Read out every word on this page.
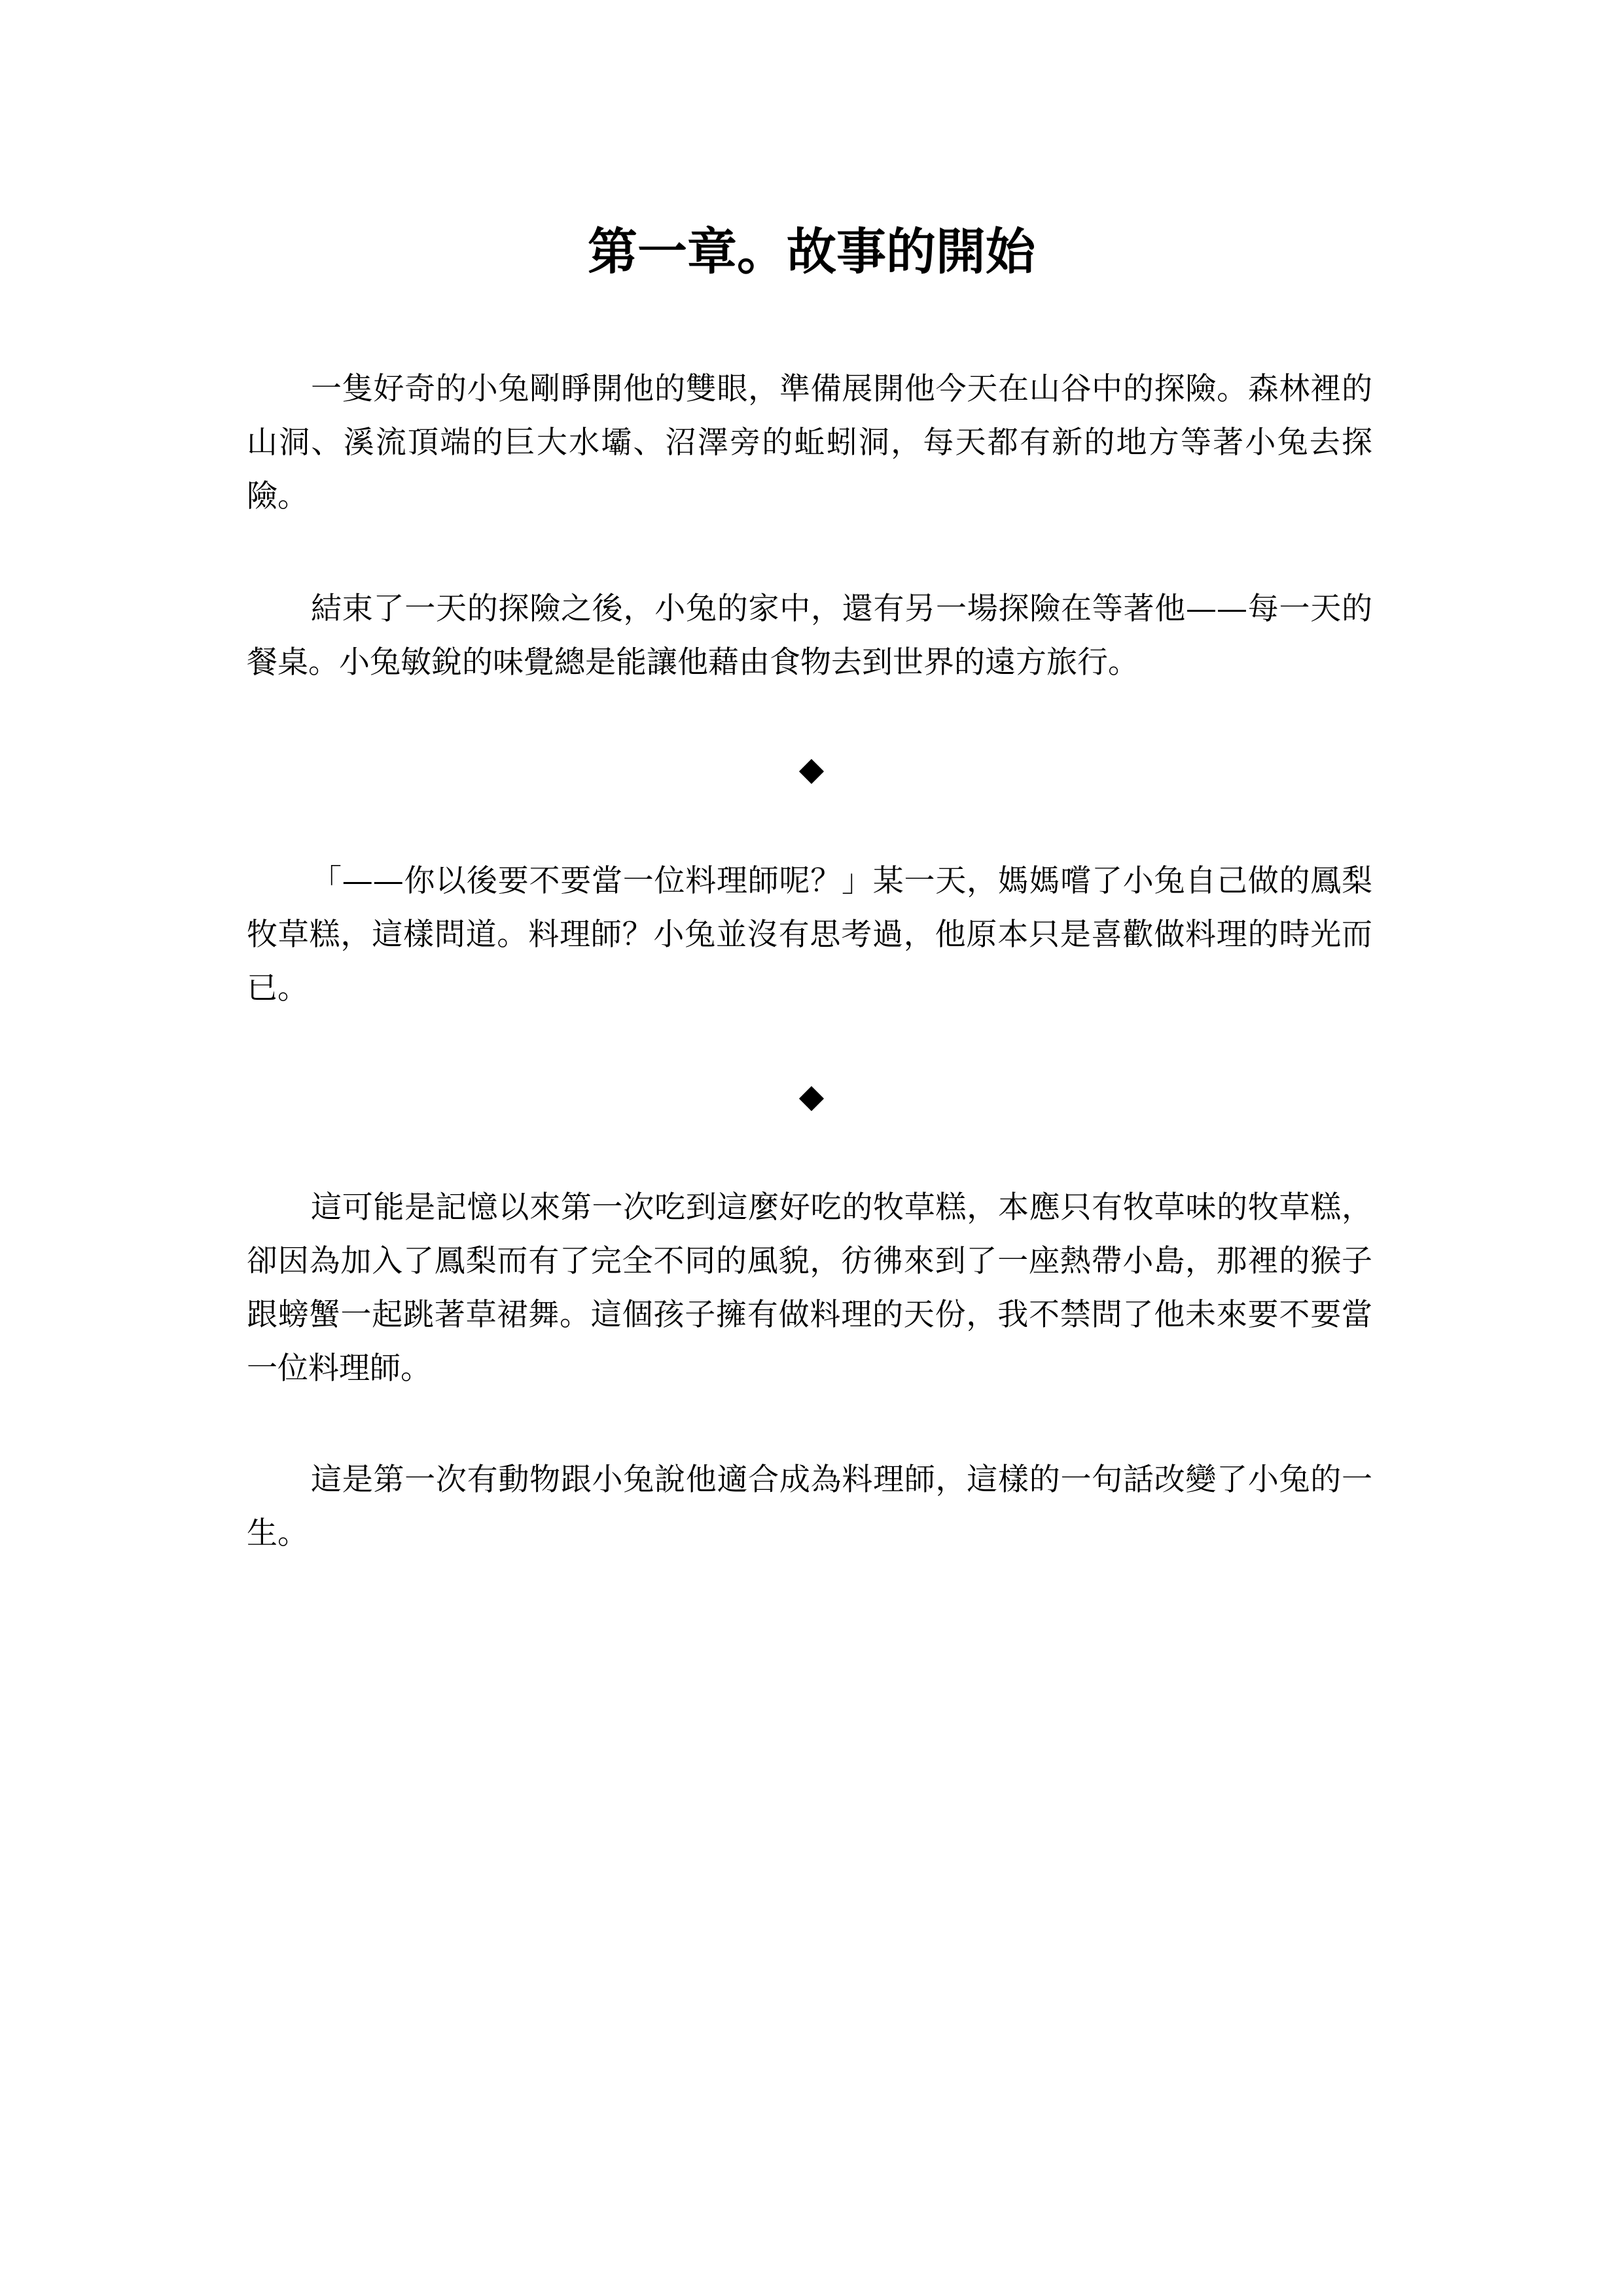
第一章。故事的開始

一隻好奇的小兔剛睜開他的雙眼，準備展開他今天在山谷中的探險。森林裡的山洞、溪流頂端的巨大水壩、沼澤旁的蚯蚓洞，每天都有新的地方等著小兔去探險。

結束了一天的探險之後，小兔的家中，還有另一場探險在等著他——每一天的餐桌。小兔敏銳的味覺總是能讓他藉由食物去到世界的遠方旅行。

◆

「——你以後要不要當一位料理師呢？」某一天，媽媽嚐了小兔自己做的鳳梨牧草糕，這樣問道。料理師？小兔並沒有思考過，他原本只是喜歡做料理的時光而已。

◆

這可能是記憶以來第一次吃到這麼好吃的牧草糕，本應只有牧草味的牧草糕，卻因為加入了鳳梨而有了完全不同的風貌，彷彿來到了一座熱帶小島，那裡的猴子跟螃蟹一起跳著草裙舞。這個孩子擁有做料理的天份，我不禁問了他未來要不要當一位料理師。

這是第一次有動物跟小兔說他適合成為料理師，這樣的一句話改變了小兔的一生。
